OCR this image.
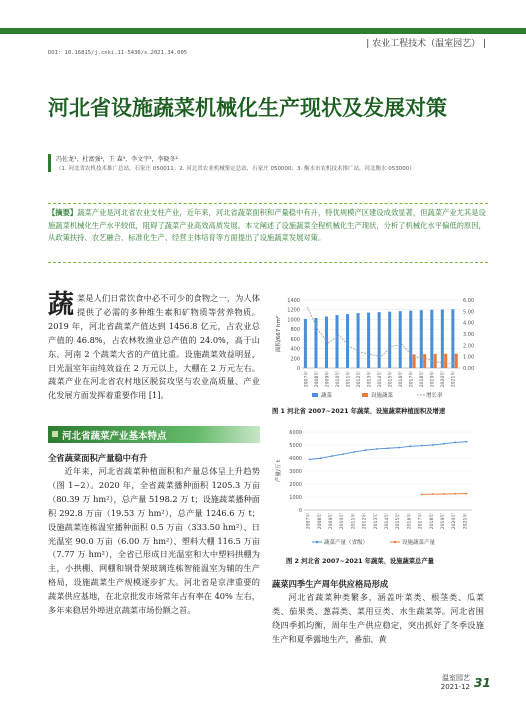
| 农业工程技术（温室园艺） |
DOI: 10.16815/j.cnki.11-5436/s.2021.34.005
河北省设施蔬菜机械化生产现状及发展对策
冯佐龙¹，杜富强²，王 森³，李文宇³，李晓冬²
（1. 河北省农机技术推广总站，石家庄 050011；2. 河北省农业机械鉴定总站，石家庄 050000；3. 衡水市农机技术推广站，河北衡水 053000）
【摘要】蔬菜产业是河北省农业支柱产业，近年来，河北省蔬菜面积和产量稳中有升，特优规模产区建设成效显著，但蔬菜产业尤其是设施蔬菜机械化生产水平较低，阻碍了蔬菜产业高效高质发展。本文阐述了设施蔬菜全程机械化生产现状，分析了机械化水平偏低的原因，从政策扶持、农艺融合、标准化生产、经营主体培育等方面提出了设施蔬菜发展对策。
蔬菜是人们日常饮食中必不可少的食物之一，为人体提供了必需的多种维生素和矿物质等营养物质。2019 年，河北省蔬菜产值达到 1456.8 亿元，占农业总产值的 46.8%，占农林牧渔业总产值的 24.0%，高于山东、河南 2 个蔬菜大省的产值比重。设施蔬菜效益明显，日光温室年亩纯效益在 2 万元以上，大棚在 2 万元左右。蔬菜产业在河北省农村地区脱贫攻坚与农业高质量、产业化发展方面发挥着重要作用 [1]。
河北省蔬菜产业基本特点
全省蔬菜面积产量稳中有升
近年来，河北省蔬菜种植面积和产量总体呈上升趋势（图 1~2）。2020 年，全省蔬菜播种面积 1205.3 万亩（80.39 万 hm²），总产量 5198.2 万 t；设施蔬菜播种面积 292.8 万亩（19.53 万 hm²），总产量 1246.6 万 t；设施蔬菜连栋温室播种面积 0.5 万亩（333.50 hm²）、日光温室 90.0 万亩（6.00 万 hm²）、塑料大棚 116.5 万亩（7.77 万 hm²），全省已形成日光温室和大中塑料拱棚为主，小拱棚、网棚和钢骨架玻璃连栋智能温室为辅的生产格局，设施蔬菜生产规模逐步扩大。河北省是京津重要的蔬菜供应基地，在北京批发市场常年占有率在 40% 左右，多年来稳居外埠进京蔬菜市场份额之首。
0
200
400
600
800
1000
1200
1400
0.00
1.00
2.00
3.00
4.00
5.00
6.00
面积/667 hm²
2007年	2008年	2009年	2010年	2011年	2012年	2013年	2014年	2015年	2016年	2017年	2018年	2019年	2020年	2021年
蔬菜	设施蔬菜	增长率
图 1 河北省 2007~2021 年蔬菜、设施蔬菜种植面积及增速
0
1000
2000
3000
4000
5000
6000
产量/万 t
2007年	2008年	2009年	2010年	2011年	2012年	2013年	2014年	2015年	2016年	2017年	2018年	2019年	2020年	2021年
蔬菜产量（省级）	设施蔬菜产量
图 2 河北省 2007~2021 年蔬菜、设施蔬菜总产量
蔬菜四季生产周年供应格局形成
河北省蔬菜种类繁多，涵盖叶菜类、根茎类、瓜菜类、茄果类、葱蒜类、菜用豆类、水生蔬菜等。河北省围绕四季抓均衡，周年生产供应稳定，突出抓好了冬季设施生产和夏季露地生产，番茄、黄
温室园艺
2021-12 31
